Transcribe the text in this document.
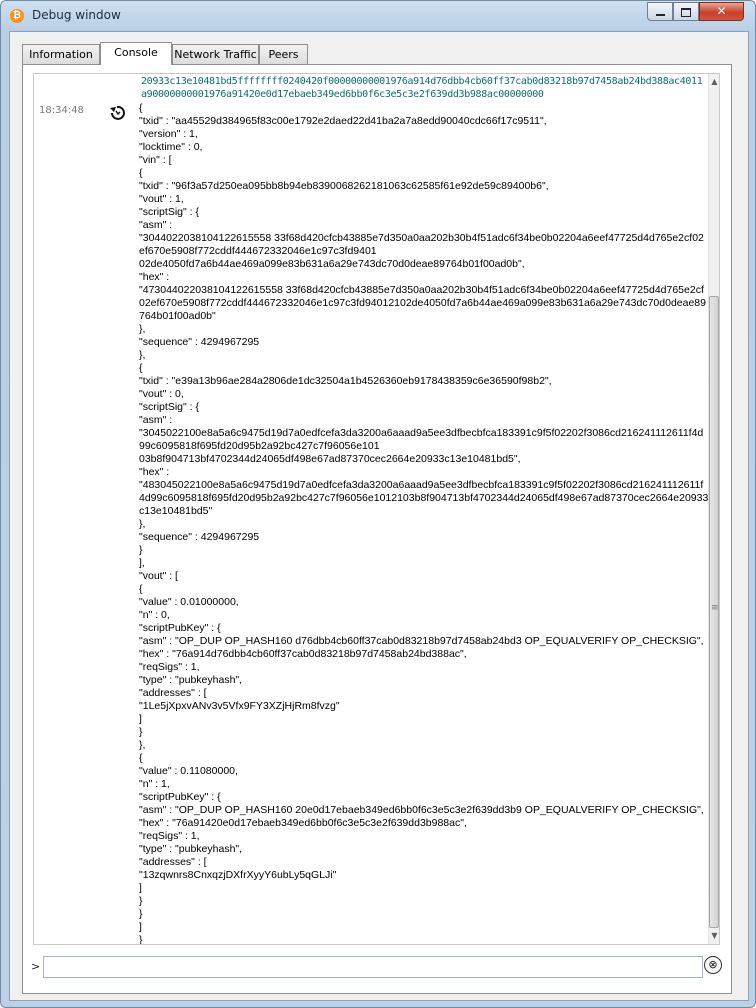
₿ Debug window	✕
Information	Console	Network Traffic	Peers
20933c13e10481bd5ffffffff0240420f00000000001976a914d76dbb4cb60ff37cab0d83218b97d7458ab24bd388ac4011a90000000001976a91420e0d17ebaeb349ed6bb0f6c3e5c3e2f639dd3b988ac00000000
18:34:48	{
"txid" : "aa45529d384965f83c00e1792e2daed22d41ba2a7a8edd90040cdc66f17c9511",
"version" : 1,
"locktime" : 0,
"vin" : [
{
"txid" : "96f3a57d250ea095bb8b94eb8390068262181063c62585f61e92de59c89400b6",
"vout" : 1,
"scriptSig" : {
"asm" :
"3044022038104122615558 33f68d420cfcb43885e7d350a0aa202b30b4f51adc6f34be0b02204a6eef47725d4d765e2cf02ef670e5908f772cddf444672332046e1c97c3fd9401
02de4050fd7a6b44ae469a099e83b631a6a29e743dc70d0deae89764b01f00ad0b",
"hex" :
"473044022038104122615558 33f68d420cfcb43885e7d350a0aa202b30b4f51adc6f34be0b02204a6eef47725d4d765e2cf02ef670e5908f772cddf444672332046e1c97c3fd94012102de4050fd7a6b44ae469a099e83b631a6a29e743dc70d0deae89764b01f00ad0b"
},
"sequence" : 4294967295
},
{
"txid" : "e39a13b96ae284a2806de1dc32504a1b4526360eb9178438359c6e36590f98b2",
"vout" : 0,
"scriptSig" : {
"asm" :
"3045022100e8a5a6c9475d19d7a0edfcefa3da3200a6aaad9a5ee3dfbecbfca183391c9f5f02202f3086cd216241112611f4d99c6095818f695fd20d95b2a92bc427c7f96056e101
03b8f904713bf4702344d24065df498e67ad87370cec2664e20933c13e10481bd5",
"hex" :
"483045022100e8a5a6c9475d19d7a0edfcefa3da3200a6aaad9a5ee3dfbecbfca183391c9f5f02202f3086cd216241112611f4d99c6095818f695fd20d95b2a92bc427c7f96056e1012103b8f904713bf4702344d24065df498e67ad87370cec2664e20933c13e10481bd5"
},
"sequence" : 4294967295
}
],
"vout" : [
{
"value" : 0.01000000,
"n" : 0,
"scriptPubKey" : {
"asm" : "OP_DUP OP_HASH160 d76dbb4cb60ff37cab0d83218b97d7458ab24bd3 OP_EQUALVERIFY OP_CHECKSIG",
"hex" : "76a914d76dbb4cb60ff37cab0d83218b97d7458ab24bd388ac",
"reqSigs" : 1,
"type" : "pubkeyhash",
"addresses" : [
"1Le5jXpxvANv3v5Vfx9FY3XZjHjRm8fvzg"
]
}
},
{
"value" : 0.11080000,
"n" : 1,
"scriptPubKey" : {
"asm" : "OP_DUP OP_HASH160 20e0d17ebaeb349ed6bb0f6c3e5c3e2f639dd3b9 OP_EQUALVERIFY OP_CHECKSIG",
"hex" : "76a91420e0d17ebaeb349ed6bb0f6c3e5c3e2f639dd3b988ac",
"reqSigs" : 1,
"type" : "pubkeyhash",
"addresses" : [
"13zqwnrs8CnxqzjDXfrXyyY6ubLy5qGLJi"
]
}
}
]
}
▲
≡
▼
>	⊗
